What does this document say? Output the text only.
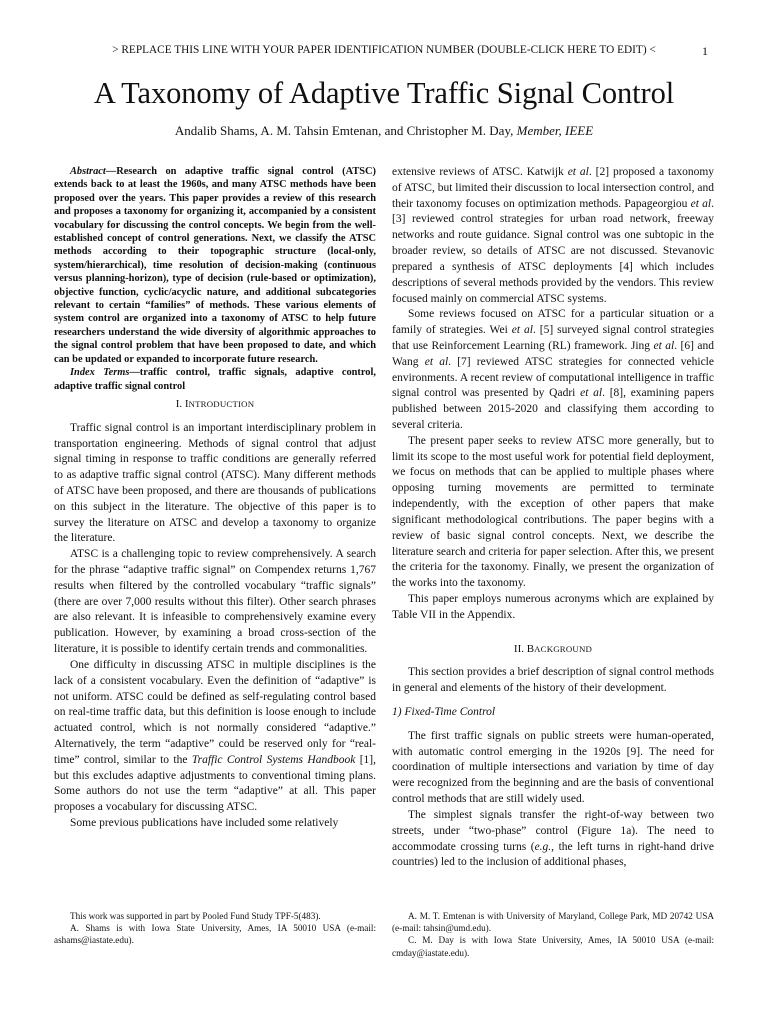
> REPLACE THIS LINE WITH YOUR PAPER IDENTIFICATION NUMBER (DOUBLE-CLICK HERE TO EDIT) <	1
A Taxonomy of Adaptive Traffic Signal Control
Andalib Shams, A. M. Tahsin Emtenan, and Christopher M. Day, Member, IEEE

Abstract—Research on adaptive traffic signal control (ATSC) extends back to at least the 1960s, and many ATSC methods have been proposed over the years. This paper provides a review of this research and proposes a taxonomy for organizing it, accompanied by a consistent vocabulary for discussing the control concepts. We begin from the well-established concept of control generations. Next, we classify the ATSC methods according to their topographic structure (local-only, system/hierarchical), time resolution of decision-making (continuous versus planning-horizon), type of decision (rule-based or optimization), objective function, cyclic/acyclic nature, and additional subcategories relevant to certain “families” of methods. These various elements of system control are organized into a taxonomy of ATSC to help future researchers understand the wide diversity of algorithmic approaches to the signal control problem that have been proposed to date, and which can be updated or expanded to incorporate future research.

Index Terms—traffic control, traffic signals, adaptive control, adaptive traffic signal control

I. INTRODUCTION

Traffic signal control is an important interdisciplinary problem in transportation engineering. Methods of signal control that adjust signal timing in response to traffic conditions are generally referred to as adaptive traffic signal control (ATSC). Many different methods of ATSC have been proposed, and there are thousands of publications on this subject in the literature. The objective of this paper is to survey the literature on ATSC and develop a taxonomy to organize the literature.

ATSC is a challenging topic to review comprehensively. A search for the phrase “adaptive traffic signal” on Compendex returns 1,767 results when filtered by the controlled vocabulary “traffic signals” (there are over 7,000 results without this filter). Other search phrases are also relevant. It is infeasible to comprehensively examine every publication. However, by examining a broad cross-section of the literature, it is possible to identify certain trends and commonalities.

One difficulty in discussing ATSC in multiple disciplines is the lack of a consistent vocabulary. Even the definition of “adaptive” is not uniform. ATSC could be defined as self-regulating control based on real-time traffic data, but this definition is loose enough to include actuated control, which is not normally considered “adaptive.” Alternatively, the term “adaptive” could be reserved only for “real-time” control, similar to the Traffic Control Systems Handbook [1], but this excludes adaptive adjustments to conventional timing plans. Some authors do not use the term “adaptive” at all. This paper proposes a vocabulary for discussing ATSC.

Some previous publications have included some relatively

extensive reviews of ATSC. Katwijk et al. [2] proposed a taxonomy of ATSC, but limited their discussion to local intersection control, and their taxonomy focuses on optimization methods. Papageorgiou et al. [3] reviewed control strategies for urban road network, freeway networks and route guidance. Signal control was one subtopic in the broader review, so details of ATSC are not discussed. Stevanovic prepared a synthesis of ATSC deployments [4] which includes descriptions of several methods provided by the vendors. This review focused mainly on commercial ATSC systems.

Some reviews focused on ATSC for a particular situation or a family of strategies. Wei et al. [5] surveyed signal control strategies that use Reinforcement Learning (RL) framework. Jing et al. [6] and Wang et al. [7] reviewed ATSC strategies for connected vehicle environments. A recent review of computational intelligence in traffic signal control was presented by Qadri et al. [8], examining papers published between 2015-2020 and classifying them according to several criteria.

The present paper seeks to review ATSC more generally, but to limit its scope to the most useful work for potential field deployment, we focus on methods that can be applied to multiple phases where opposing turning movements are permitted to terminate independently, with the exception of other papers that make significant methodological contributions. The paper begins with a review of basic signal control concepts. Next, we describe the literature search and criteria for paper selection. After this, we present the criteria for the taxonomy. Finally, we present the organization of the works into the taxonomy.

This paper employs numerous acronyms which are explained by Table VII in the Appendix.

II. BACKGROUND

This section provides a brief description of signal control methods in general and elements of the history of their development.

1) Fixed-Time Control

The first traffic signals on public streets were human-operated, with automatic control emerging in the 1920s [9]. The need for coordination of multiple intersections and variation by time of day were recognized from the beginning and are the basis of conventional control methods that are still widely used.

The simplest signals transfer the right-of-way between two streets, under “two-phase” control (Figure 1a). The need to accommodate crossing turns (e.g., the left turns in right-hand drive countries) led to the inclusion of additional phases,

This work was supported in part by Pooled Fund Study TPF-5(483).

A. Shams is with Iowa State University, Ames, IA 50010 USA (e-mail: ashams@iastate.edu).

A. M. T. Emtenan is with University of Maryland, College Park, MD 20742 USA (e-mail: tahsin@umd.edu).

C. M. Day is with Iowa State University, Ames, IA 50010 USA (e-mail: cmday@iastate.edu).
